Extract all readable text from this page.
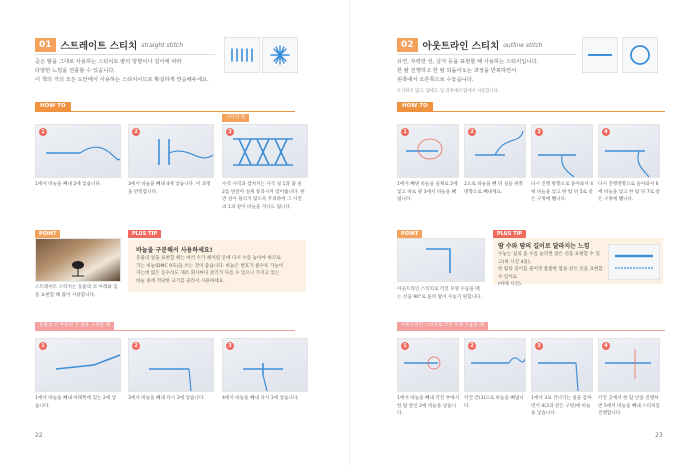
01 스트레이트 스티치 straight stitch
곧은 땀을 그대로 사용하는 스티치로 땀의 방향이나 길이에 따라
다양한 느낌을 연출할 수 있습니다.
이 책의 거의 모든 도안에서 사용하는 스티치이므로 확실하게 연습해두세요.
HOW TO
사다리 땀
1	2	3
1에서 바늘을 빼내 2에 넣습니다.	3에서 바늘을 빼내 4에 넣습니다. 이 과정을 반복합니다.
수직 사직과 겹쳐지는 사직 실 1과 꿈 실 2를 번갈아 실제 통과시켜 엮어줍니다. 한 번 실이 풀리지 않도록 주의하며 그 사진의 1과 같이 바늘을 지나도 됩니다.
POINT
스트레이트 스티치는 동물의 코 아래와 입을 표현할 때 많이 사용합니다.
PLUS TIP
바늘을 구분해서 사용하세요!
동물의 얼을 표현할 때는 여러 수가 해처럼 곳에 다시 수를 놓아야 하므로
가는 바늘(DMC 9호)을 쓰는 것이 좋습니다. 바늘은 번호가 클수록 가늘어
지는데 얇은 동수라도 제조 회사마다 굵기가 다를 수 있으니 가지고 있는
바늘 중에 적당한 크기를 골라서 사용하세요.
동물의 코 부분의 긴 실을 고정할 때
1	2	3
1에서 바늘을 빼내 아래쪽에 있는 2에 넣습니다.
3에서 바늘을 빼내 다시 3에 넣습니다.	4에서 바늘을 빼내 다시 3에 넣습니다.
22
02 아웃트라인 스티치 outline stitch
유연, 부력한 선, 금자 등을 표현할 때 사용하는 스티치입니다.
한 땀 진행하고 한 땀 되돌아오는 과정을 반복하면서
왼쪽에서 오른쪽으로 수놓습니다.
포기하지 않고, 땀에도 입 과정에서 땀에서 사용합니다.
HOW TO
1	2	3	4
1에서 빼낸 바늘을 실제로 2에 넣고 바로 옆 3에서 바늘을 빼냅니다.
2으로 바늘을 뺀 뒤 실을 위쪽 방향으로 빼내세요.
다시 진행 방향으로 돌아와서 4에 바늘을 넣고 한 땀 뒤 5로 같은 구멍에 뺍니다.
다시 진행방향으로 돌아와서 6에 바늘을 넣고 한 땀 뒤 7로 같은 구멍에 뺍니다.
POINT
아웃트라인 스티치로 각진 모양 수놓을 때는 선을 90°로 돌려 땀이 수놓기 편합니다.
PLUS TIP
땀 수와 땀의 길이로 달라지는 느낌
수놓는 실의 올 수를 늘리면 굵은 선을 표현할 수 있고(위 사진 4올),
한 땀의 길이를 줄이면 촘촘한 땀을 같은 선을 표현할 수 있어요
(아래 사진).
아웃트라인 스티치로 각진 모양 수놓을 때
1	2	3	4
1에서 바늘을 빼내 각진 부에서 한 땀 앞인 2에 바늘을 넣습니다.
각진 끝(3)으로 바늘을 빼냅니다.
1에서 3로 건너가는 실을 감싸면서 4(3과 같은 구멍)에 바늘을 넣습니다.
각진 곳에서 한 땀 안을 진행하면 5에서 바늘을 빼내 스티치를 진행합니다.
23
